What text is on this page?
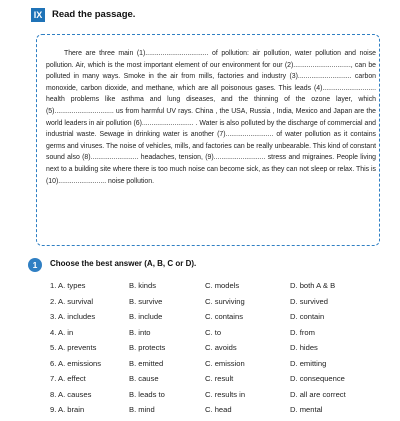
IX Read the passage.

There are three main (1)................................. of pollution: air pollution, water pollution and noise pollution. Air, which is the most important element of our environment for our (2).............................., can be polluted in many ways. Smoke in the air from mills, factories and industry (3)............................ carbon monoxide, carbon dioxide, and methane, which are all poisonous gases. This leads (4)............................ health problems like asthma and lung diseases, and the thinning of the ozone layer, which (5)............................... us from harmful UV rays. China , the USA, Russia , India, Mexico and Japan are the world leaders in air pollution (6)........................... . Water is also polluted by the discharge of commercial and industrial waste. Sewage in drinking water is another (7)......................... of water pollution as it contains germs and viruses. The noise of vehicles, mills, and factories can be really unbearable. This kind of constant sound also (8)......................... headaches, tension, (9)........................... stress and migraines. People living next to a building site where there is too much noise can become sick, as they can not sleep or relax. This is (10)......................... noise pollution.

1	Choose the best answer (A, B, C or D).
1. A. types	B. kinds	C. models	D. both A & B
2. A. survival	B. survive	C. surviving	D. survived
3. A. includes	B. include	C. contains	D. contain
4. A. in	B. into	C. to	D. from
5. A. prevents	B. protects	C. avoids	D. hides
6. A. emissions	B. emitted	C. emission	D. emitting
7. A. effect	B. cause	C. result	D. consequence
8. A. causes	B. leads to	C. results in	D. all are correct
9. A. brain	B. mind	C. head	D. mental
